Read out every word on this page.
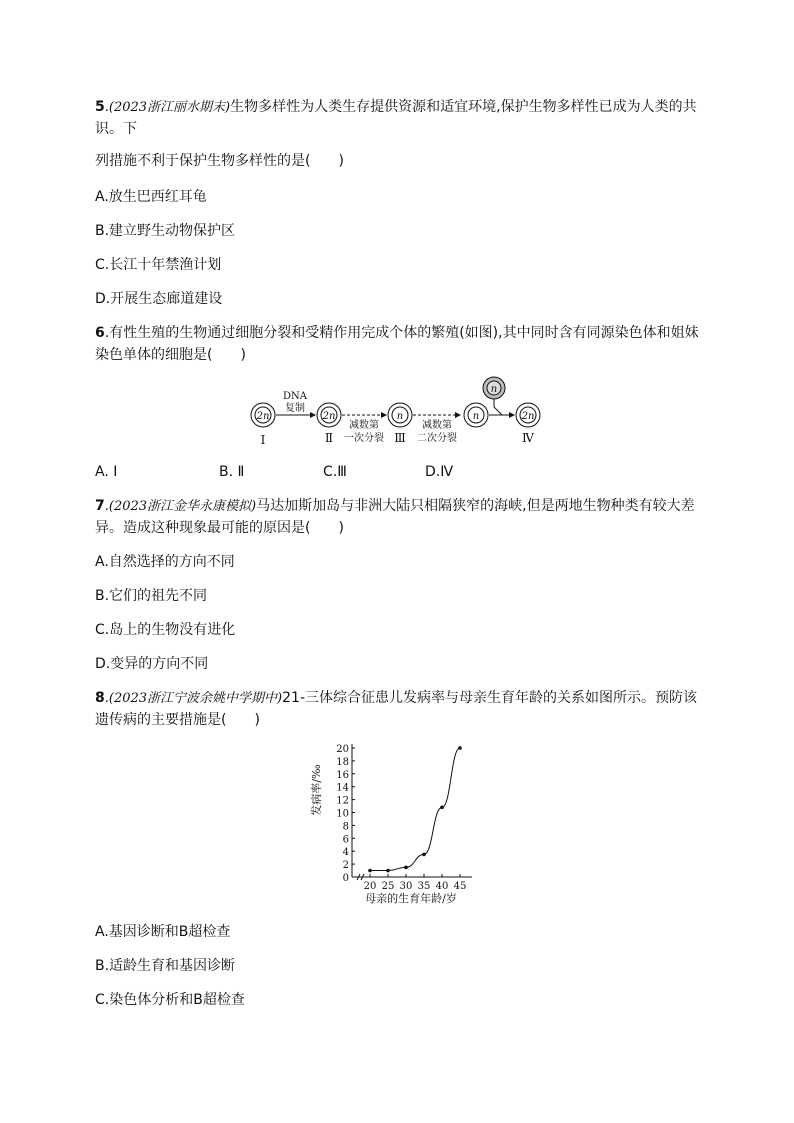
5.(2023浙江丽水期末)生物多样性为人类生存提供资源和适宜环境,保护生物多样性已成为人类的共
识。下
列措施不利于保护生物多样性的是(　　)
A.放生巴西红耳龟
B.建立野生动物保护区
C.长江十年禁渔计划
D.开展生态廊道建设
6.有性生殖的生物通过细胞分裂和受精作用完成个体的繁殖(如图),其中同时含有同源染色体和姐妹
染色单体的细胞是(　　)
2n
Ⅰ
DNA
复制
2n
Ⅱ
减数第
一次分裂
n
Ⅲ
减数第
二次分裂
n
n
2n
Ⅳ
A. Ⅰ	B. Ⅱ	C.Ⅲ	D.Ⅳ
7.(2023浙江金华永康模拟)马达加斯加岛与非洲大陆只相隔狭窄的海峡,但是两地生物种类有较大差
异。造成这种现象最可能的原因是(　　)
A.自然选择的方向不同
B.它们的祖先不同
C.岛上的生物没有进化
D.变异的方向不同
8.(2023浙江宁波余姚中学期中)21-三体综合征患儿发病率与母亲生育年龄的关系如图所示。预防该
遗传病的主要措施是(　　)
0
2
4
6
8
10
12
14
16
18
20
20 25 30 35 40 45
发病率/‰
母亲的生育年龄/岁
A.基因诊断和B超检查
B.适龄生育和基因诊断
C.染色体分析和B超检查
